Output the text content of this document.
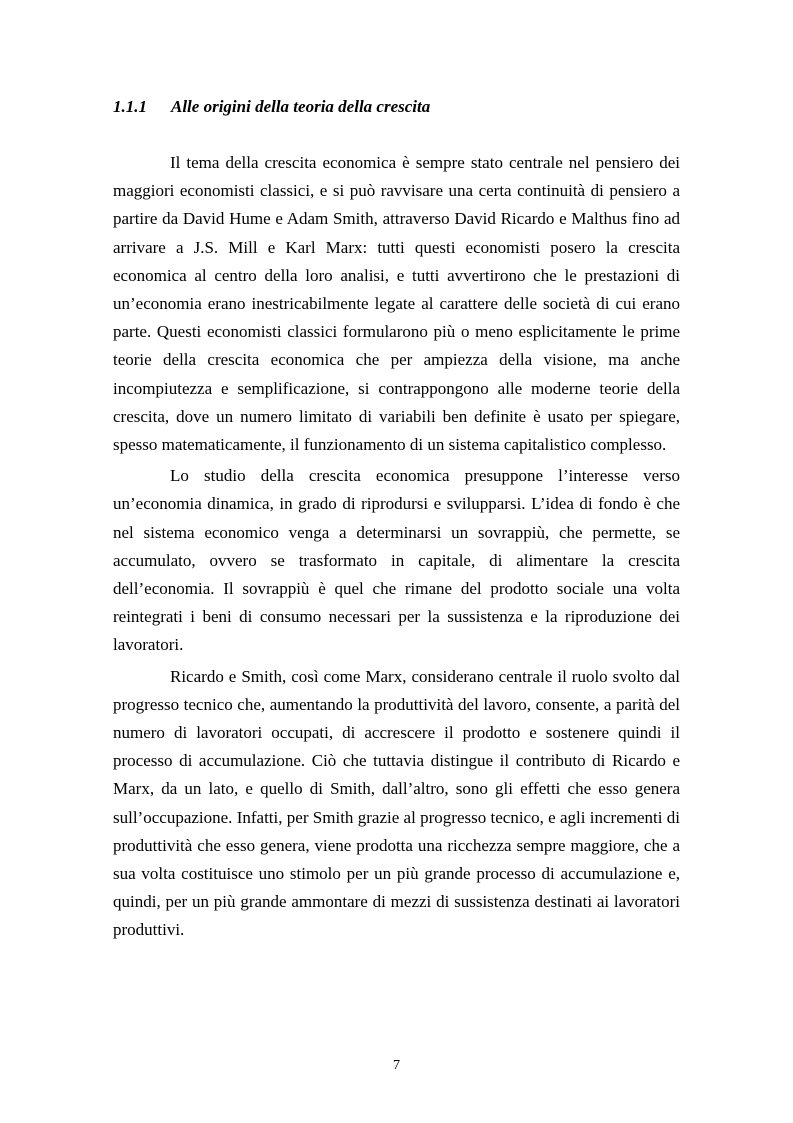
1.1.1 Alle origini della teoria della crescita

Il tema della crescita economica è sempre stato centrale nel pensiero dei maggiori economisti classici, e si può ravvisare una certa continuità di pensiero a partire da David Hume e Adam Smith, attraverso David Ricardo e Malthus fino ad arrivare a J.S. Mill e Karl Marx: tutti questi economisti posero la crescita economica al centro della loro analisi, e tutti avvertirono che le prestazioni di un’economia erano inestricabilmente legate al carattere delle società di cui erano parte. Questi economisti classici formularono più o meno esplicitamente le prime teorie della crescita economica che per ampiezza della visione, ma anche incompiutezza e semplificazione, si contrappongono alle moderne teorie della crescita, dove un numero limitato di variabili ben definite è usato per spiegare, spesso matematicamente, il funzionamento di un sistema capitalistico complesso.

Lo studio della crescita economica presuppone l’interesse verso un’economia dinamica, in grado di riprodursi e svilupparsi. L’idea di fondo è che nel sistema economico venga a determinarsi un sovrappiù, che permette, se accumulato, ovvero se trasformato in capitale, di alimentare la crescita dell’economia. Il sovrappiù è quel che rimane del prodotto sociale una volta reintegrati i beni di consumo necessari per la sussistenza e la riproduzione dei lavoratori.

Ricardo e Smith, così come Marx, considerano centrale il ruolo svolto dal progresso tecnico che, aumentando la produttività del lavoro, consente, a parità del numero di lavoratori occupati, di accrescere il prodotto e sostenere quindi il processo di accumulazione. Ciò che tuttavia distingue il contributo di Ricardo e Marx, da un lato, e quello di Smith, dall’altro, sono gli effetti che esso genera sull’occupazione. Infatti, per Smith grazie al progresso tecnico, e agli incrementi di produttività che esso genera, viene prodotta una ricchezza sempre maggiore, che a sua volta costituisce uno stimolo per un più grande processo di accumulazione e, quindi, per un più grande ammontare di mezzi di sussistenza destinati ai lavoratori produttivi.

7
